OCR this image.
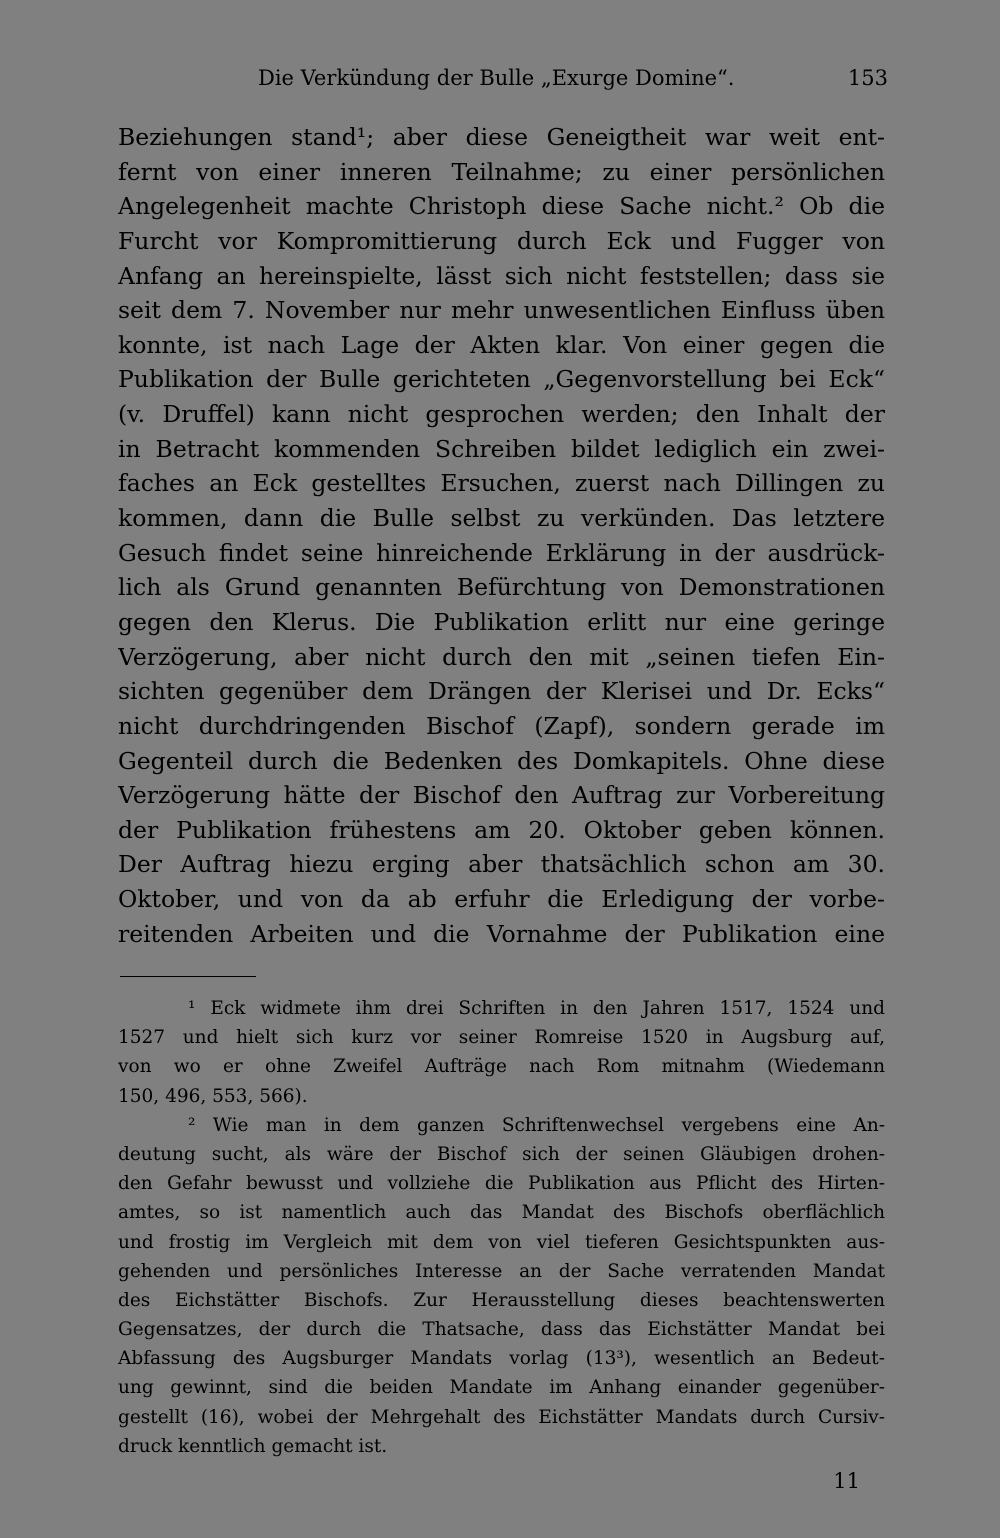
Die Verkündung der Bulle „Exurge Domine“.	153
Beziehungen stand¹; aber diese Geneigtheit war weit ent-
fernt von einer inneren Teilnahme; zu einer persönlichen
Angelegenheit machte Christoph diese Sache nicht.² Ob die
Furcht vor Kompromittierung durch Eck und Fugger von
Anfang an hereinspielte, lässt sich nicht feststellen; dass sie
seit dem 7. November nur mehr unwesentlichen Einfluss üben
konnte, ist nach Lage der Akten klar. Von einer gegen die
Publikation der Bulle gerichteten „Gegenvorstellung bei Eck“
(v. Druffel) kann nicht gesprochen werden; den Inhalt der
in Betracht kommenden Schreiben bildet lediglich ein zwei-
faches an Eck gestelltes Ersuchen, zuerst nach Dillingen zu
kommen, dann die Bulle selbst zu verkünden. Das letztere
Gesuch findet seine hinreichende Erklärung in der ausdrück-
lich als Grund genannten Befürchtung von Demonstrationen
gegen den Klerus. Die Publikation erlitt nur eine geringe
Verzögerung, aber nicht durch den mit „seinen tiefen Ein-
sichten gegenüber dem Drängen der Klerisei und Dr. Ecks“
nicht durchdringenden Bischof (Zapf), sondern gerade im
Gegenteil durch die Bedenken des Domkapitels. Ohne diese
Verzögerung hätte der Bischof den Auftrag zur Vorbereitung
der Publikation frühestens am 20. Oktober geben können.
Der Auftrag hiezu erging aber thatsächlich schon am 30.
Oktober, und von da ab erfuhr die Erledigung der vorbe-
reitenden Arbeiten und die Vornahme der Publikation eine
¹ Eck widmete ihm drei Schriften in den Jahren 1517, 1524 und
1527 und hielt sich kurz vor seiner Romreise 1520 in Augsburg auf,
von wo er ohne Zweifel Aufträge nach Rom mitnahm (Wiedemann
150, 496, 553, 566).
² Wie man in dem ganzen Schriftenwechsel vergebens eine An-
deutung sucht, als wäre der Bischof sich der seinen Gläubigen drohen-
den Gefahr bewusst und vollziehe die Publikation aus Pflicht des Hirten-
amtes, so ist namentlich auch das Mandat des Bischofs oberflächlich
und frostig im Vergleich mit dem von viel tieferen Gesichtspunkten aus-
gehenden und persönliches Interesse an der Sache verratenden Mandat
des Eichstätter Bischofs. Zur Herausstellung dieses beachtenswerten
Gegensatzes, der durch die Thatsache, dass das Eichstätter Mandat bei
Abfassung des Augsburger Mandats vorlag (13³), wesentlich an Bedeut-
ung gewinnt, sind die beiden Mandate im Anhang einander gegenüber-
gestellt (16), wobei der Mehrgehalt des Eichstätter Mandats durch Cursiv-
druck kenntlich gemacht ist.
11
